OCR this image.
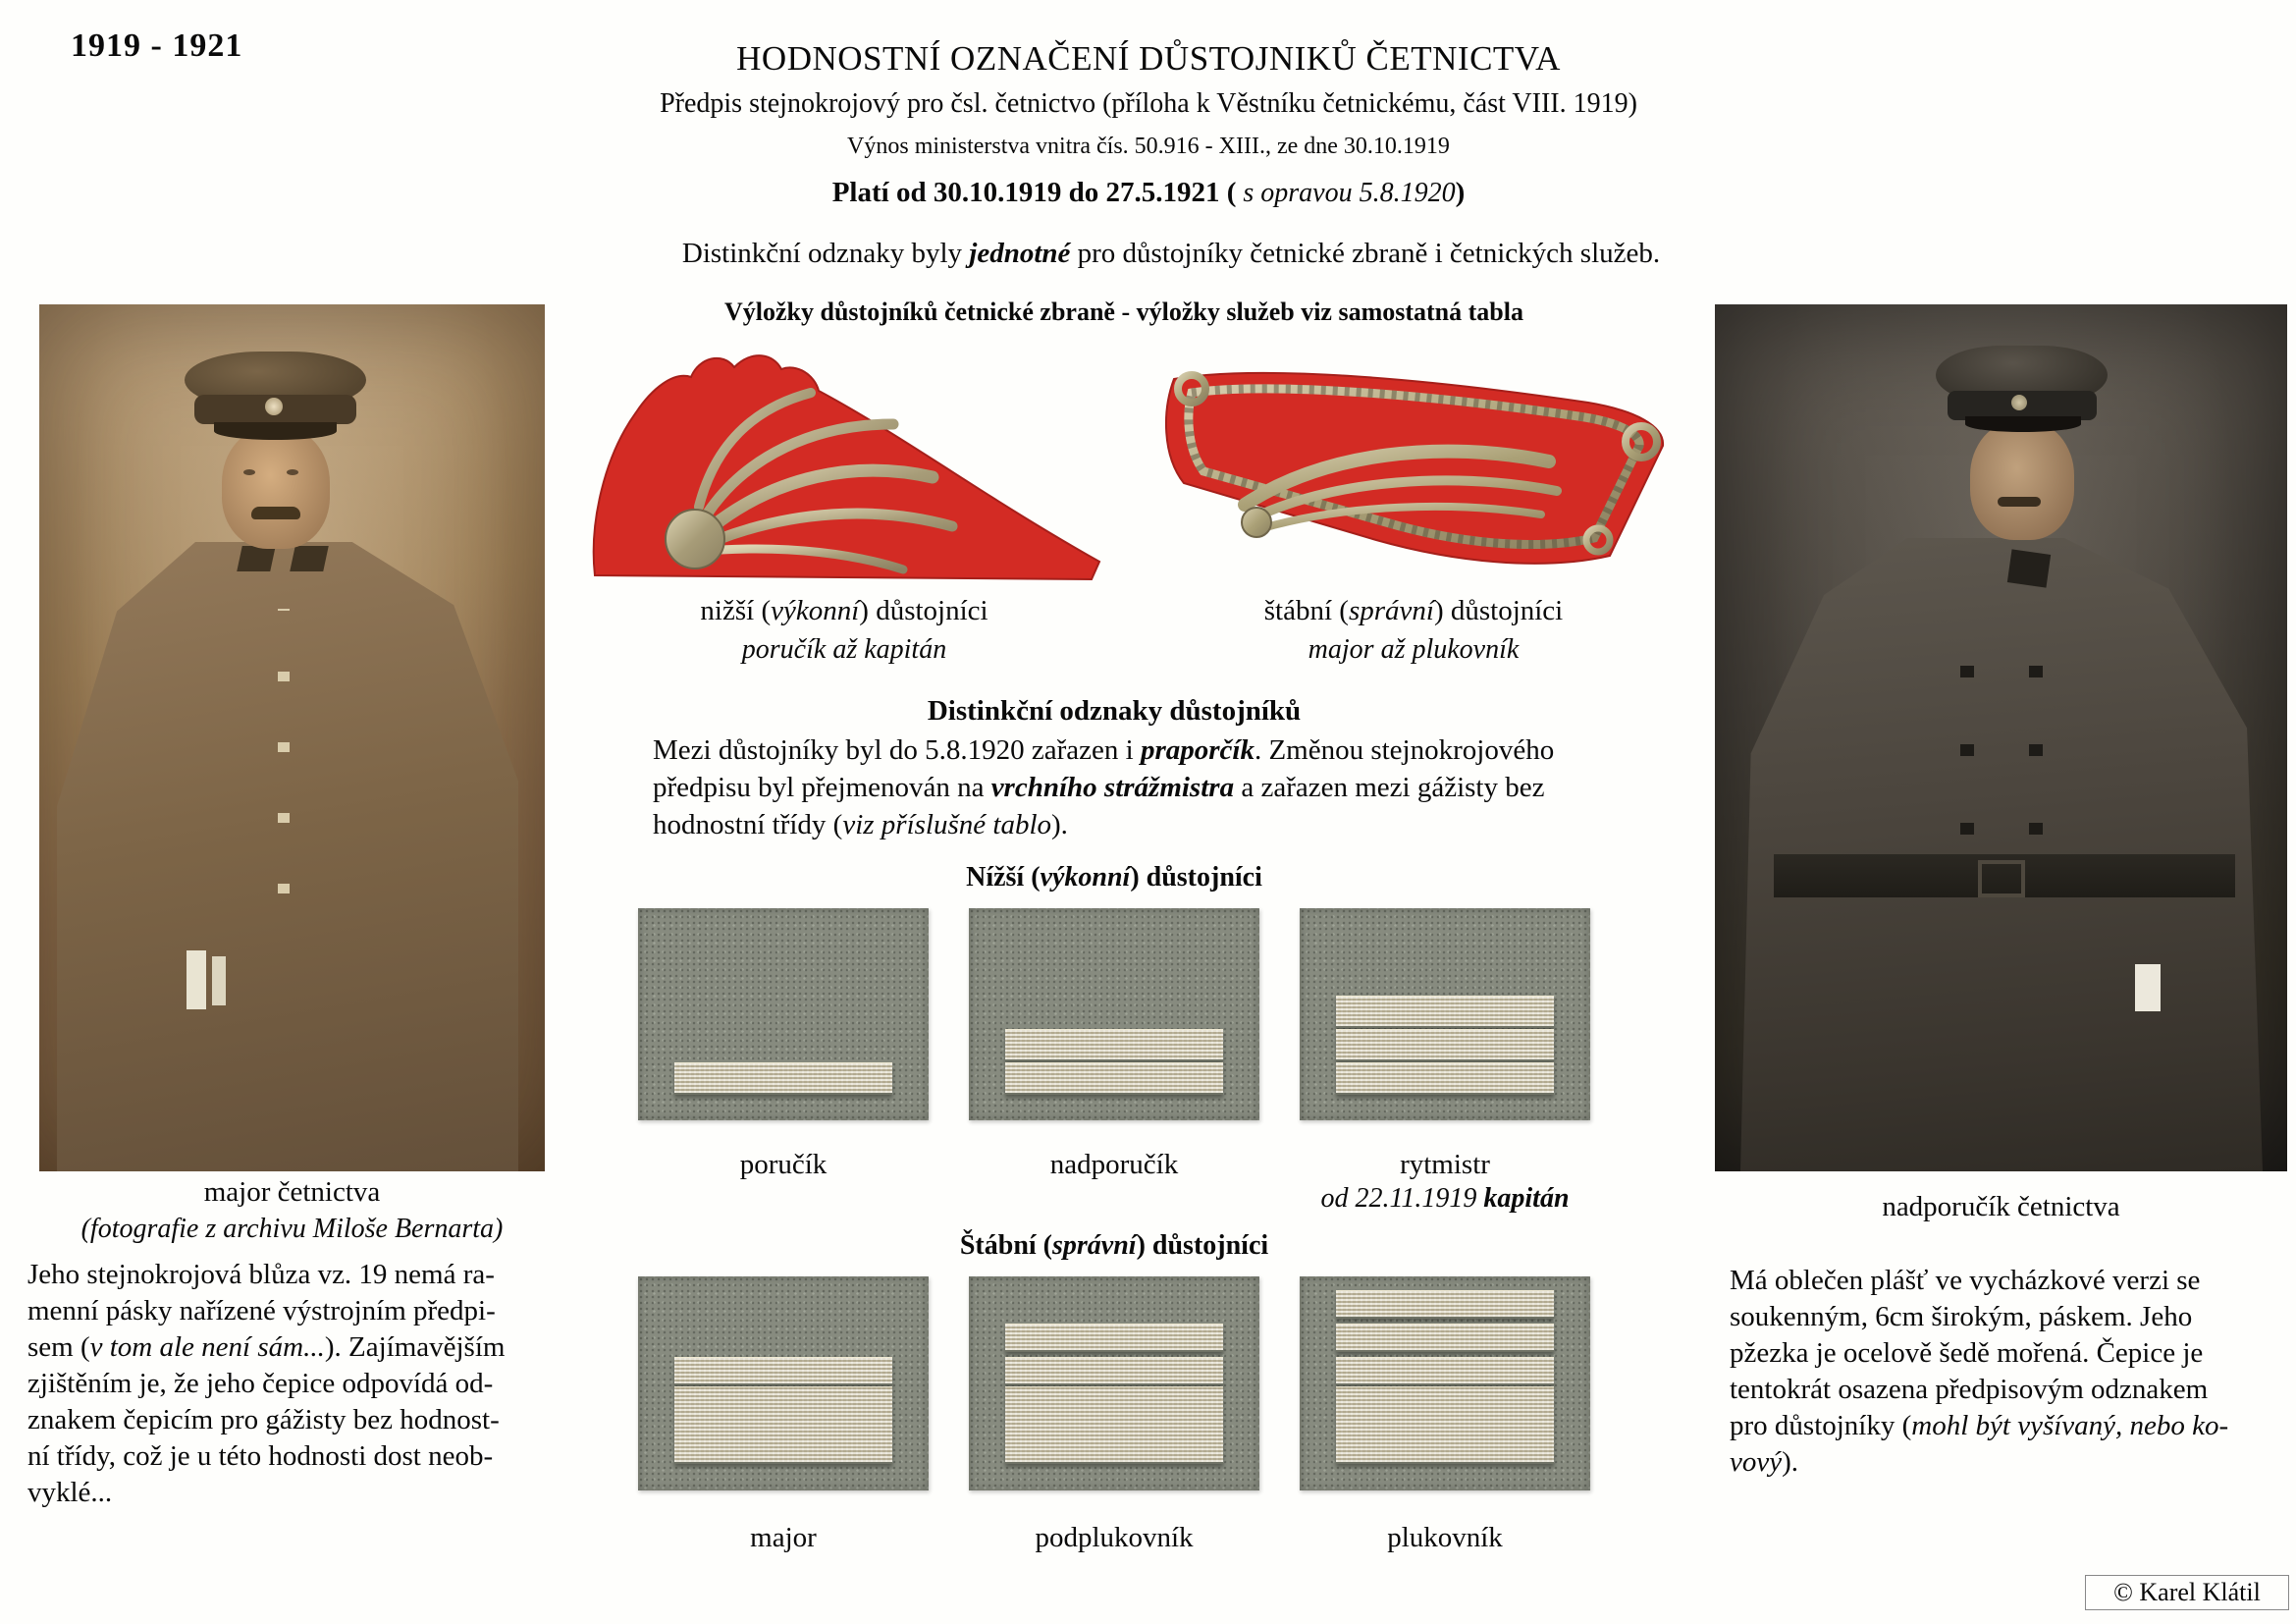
1919 - 1921	HODNOSTNÍ OZNAČENÍ DŮSTOJNIKŮ ČETNICTVA
Předpis stejnokrojový pro čsl. četnictvo (příloha k Věstníku četnickému, část VIII. 1919)
Výnos ministerstva vnitra čís. 50.916 - XIII., ze dne 30.10.1919
Platí od 30.10.1919 do 27.5.1921 ( s opravou 5.8.1920)
Distinkční odznaky byly jednotné pro důstojníky četnické zbraně i četnických služeb.
Výložky důstojníků četnické zbraně - výložky služeb viz samostatná tabla
nižší (výkonní) důstojníci
poručík až kapitán
štábní (správní) důstojníci
major až plukovník
Distinkční odznaky důstojníků
Mezi důstojníky byl do 5.8.1920 zařazen i praporčík. Změnou stejnokrojového
předpisu byl přejmenován na vrchního strážmistra a zařazen mezi gážisty bez
hodnostní třídy (viz příslušné tablo).
Nížší (výkonní) důstojníci
poručík	nadporučík	rytmistr
od 22.11.1919 kapitán
Štábní (správní) důstojníci
major	podplukovník	plukovník
major četnictva
(fotografie z archivu Miloše Bernarta)
Jeho stejnokrojová blůza vz. 19 nemá ra-
menní pásky nařízené výstrojním předpi-
sem (v tom ale není sám...). Zajímavějším
zjištěním je, že jeho čepice odpovídá od-
znakem čepicím pro gážisty bez hodnost-
ní třídy, což je u této hodnosti dost neob-
vyklé...
nadporučík četnictva
Má oblečen plášť ve vycházkové verzi se
soukenným, 6cm širokým, páskem. Jeho
pžezka je ocelově šedě mořená. Čepice je
tentokrát osazena předpisovým odznakem
pro důstojníky (mohl být vyšívaný, nebo ko-
vový).
© Karel Klátil
